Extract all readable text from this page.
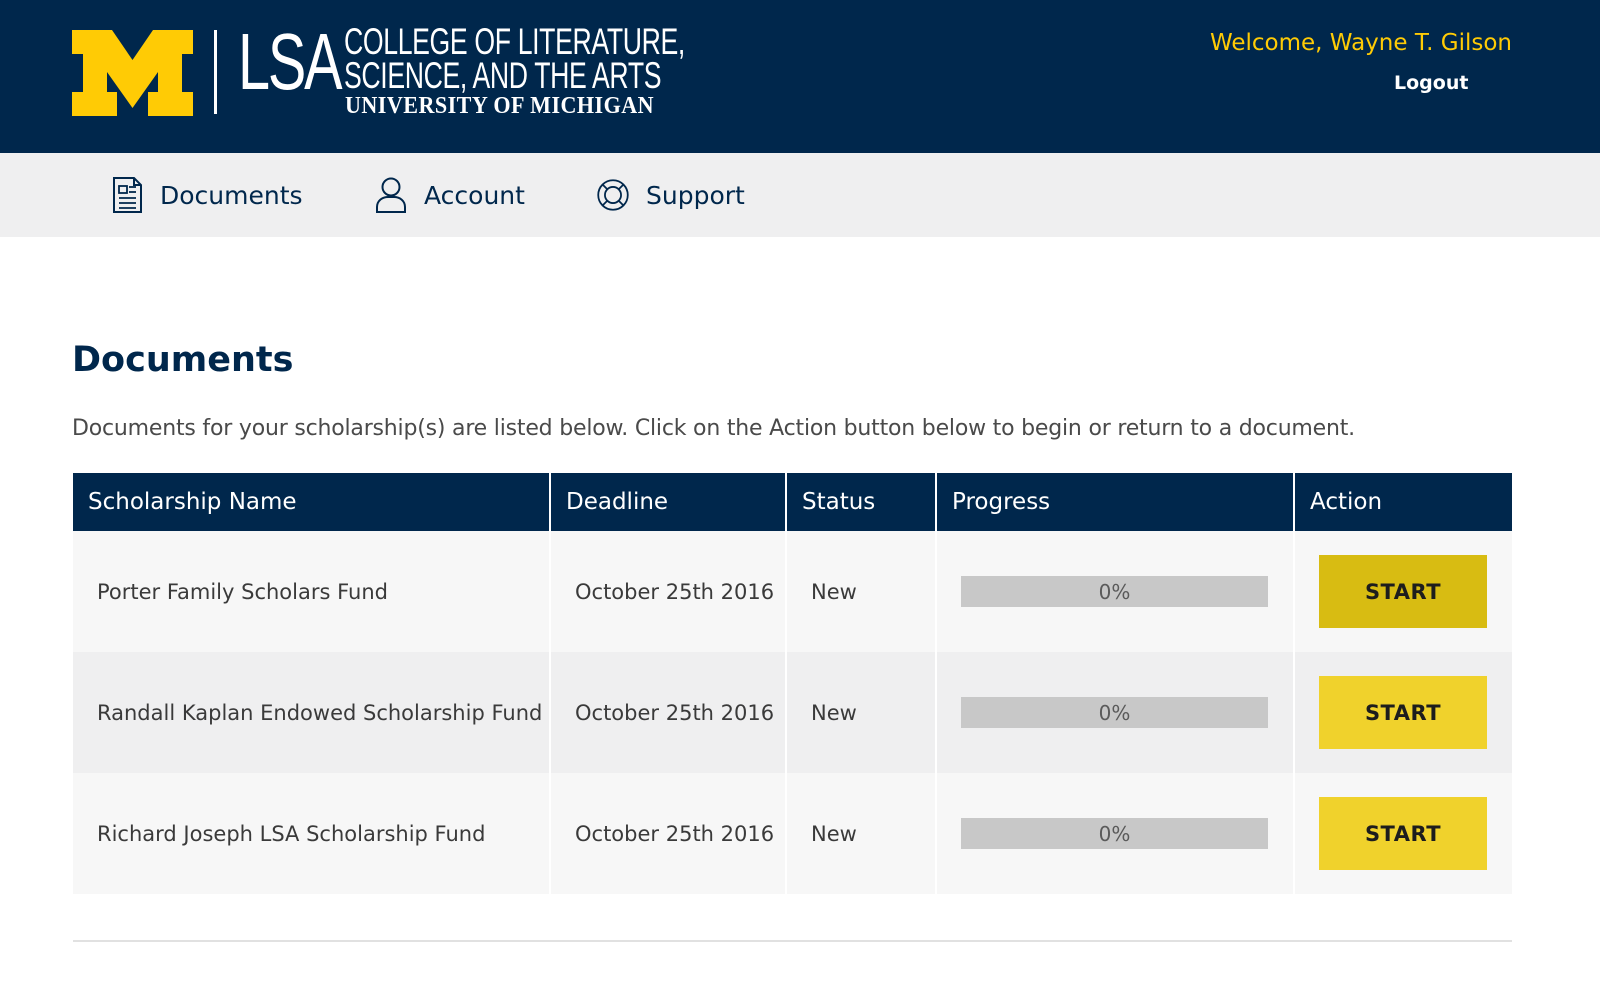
LSA COLLEGE OF LITERATURE,
SCIENCE, AND THE ARTS
UNIVERSITY OF MICHIGAN
Welcome, Wayne T. Gilson
Logout
Documents	Account	Support
Documents

Documents for your scholarship(s) are listed below. Click on the Action button below to begin or return to a document.

Scholarship Name	Deadline	Status	Progress	Action
Porter Family Scholars Fund	October 25th 2016	New	0%	START
Randall Kaplan Endowed Scholarship Fund	October 25th 2016	New	0%	START
Richard Joseph LSA Scholarship Fund	October 25th 2016	New	0%	START
